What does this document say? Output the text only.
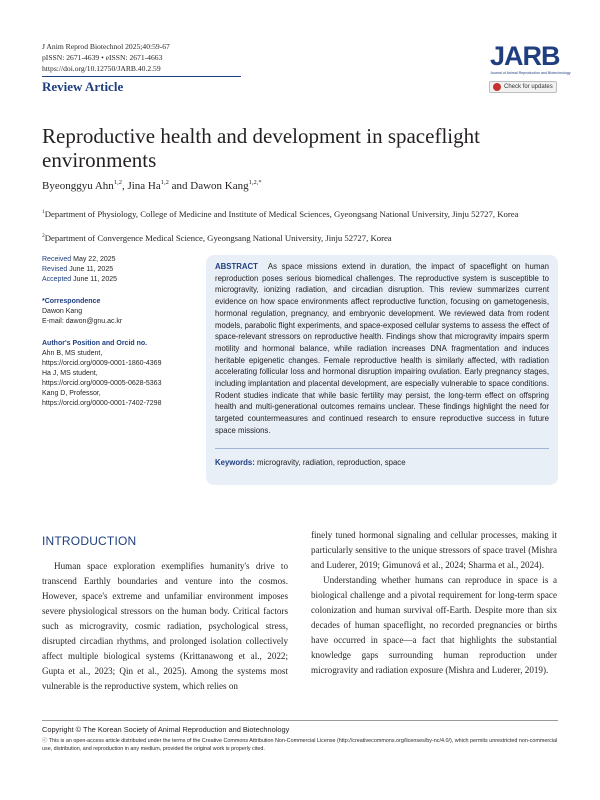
J Anim Reprod Biotechnol 2025;40:59-67
pISSN: 2671-4639 • eISSN: 2671-4663
https://doi.org/10.12750/JARB.40.2.59
Review Article
JARB
Journal of Animal Reproduction and Biotechnology
Check for updates
Reproductive health and development in spaceflight environments
Byeonggyu Ahn$^{1,2}$, Jina Ha$^{1,2}$ and Dawon Kang$^{1,2,*}$
$^1$Department of Physiology, College of Medicine and Institute of Medical Sciences, Gyeongsang National University, Jinju 52727, Korea
$^2$Department of Convergence Medical Science, Gyeongsang National University, Jinju 52727, Korea
Received May 22, 2025
Revised June 11, 2025
Accepted June 11, 2025
*Correspondence
Dawon Kang
E-mail: dawon@gnu.ac.kr
Author's Position and Orcid no.
Ahn B, MS student,
https://orcid.org/0009-0001-1860-4369
Ha J, MS student,
https://orcid.org/0009-0005-0628-5363
Kang D, Professor,
https://orcid.org/0000-0001-7402-7298
ABSTRACT As space missions extend in duration, the impact of spaceflight on human reproduction poses serious biomedical challenges. The reproductive system is susceptible to microgravity, ionizing radiation, and circadian disruption. This review summarizes current evidence on how space environments affect reproductive function, focusing on gametogenesis, hormonal regulation, pregnancy, and embryonic development. We reviewed data from rodent models, parabolic flight experiments, and space-exposed cellular systems to assess the effect of space-relevant stressors on reproductive health. Findings show that microgravity impairs sperm motility and hormonal balance, while radiation increases DNA fragmentation and induces heritable epigenetic changes. Female reproductive health is similarly affected, with radiation accelerating follicular loss and hormonal disruption impairing ovulation. Early pregnancy stages, including implantation and placental development, are especially vulnerable to space conditions. Rodent studies indicate that while basic fertility may persist, the long-term effect on offspring health and multi-generational outcomes remains unclear. These findings highlight the need for targeted countermeasures and continued research to ensure reproductive success in future space missions.
Keywords: microgravity, radiation, reproduction, space
INTRODUCTION

Human space exploration exemplifies humanity's drive to transcend Earthly boundaries and venture into the cosmos. However, space's extreme and unfamiliar environment imposes severe physiological stressors on the human body. Critical factors such as microgravity, cosmic radiation, psychological stress, disrupted circadian rhythms, and prolonged isolation collectively affect multiple biological systems (Krittanawong et al., 2022; Gupta et al., 2023; Qin et al., 2025). Among the systems most vulnerable is the reproductive system, which relies on

finely tuned hormonal signaling and cellular processes, making it particularly sensitive to the unique stressors of space travel (Mishra and Luderer, 2019; Gimunová et al., 2024; Sharma et al., 2024).

Understanding whether humans can reproduce in space is a biological challenge and a pivotal requirement for long-term space colonization and human survival off-Earth. Despite more than six decades of human spaceflight, no recorded pregnancies or births have occurred in space—a fact that highlights the substantial knowledge gaps surrounding human reproduction under microgravity and radiation exposure (Mishra and Luderer, 2019).

Copyright © The Korean Society of Animal Reproduction and Biotechnology
ⓒ This is an open-access article distributed under the terms of the Creative Commons Attribution Non-Commercial License (http://creativecommons.org/licenses/by-nc/4.0/), which permits unrestricted non-commercial use, distribution, and reproduction in any medium, provided the original work is properly cited.
